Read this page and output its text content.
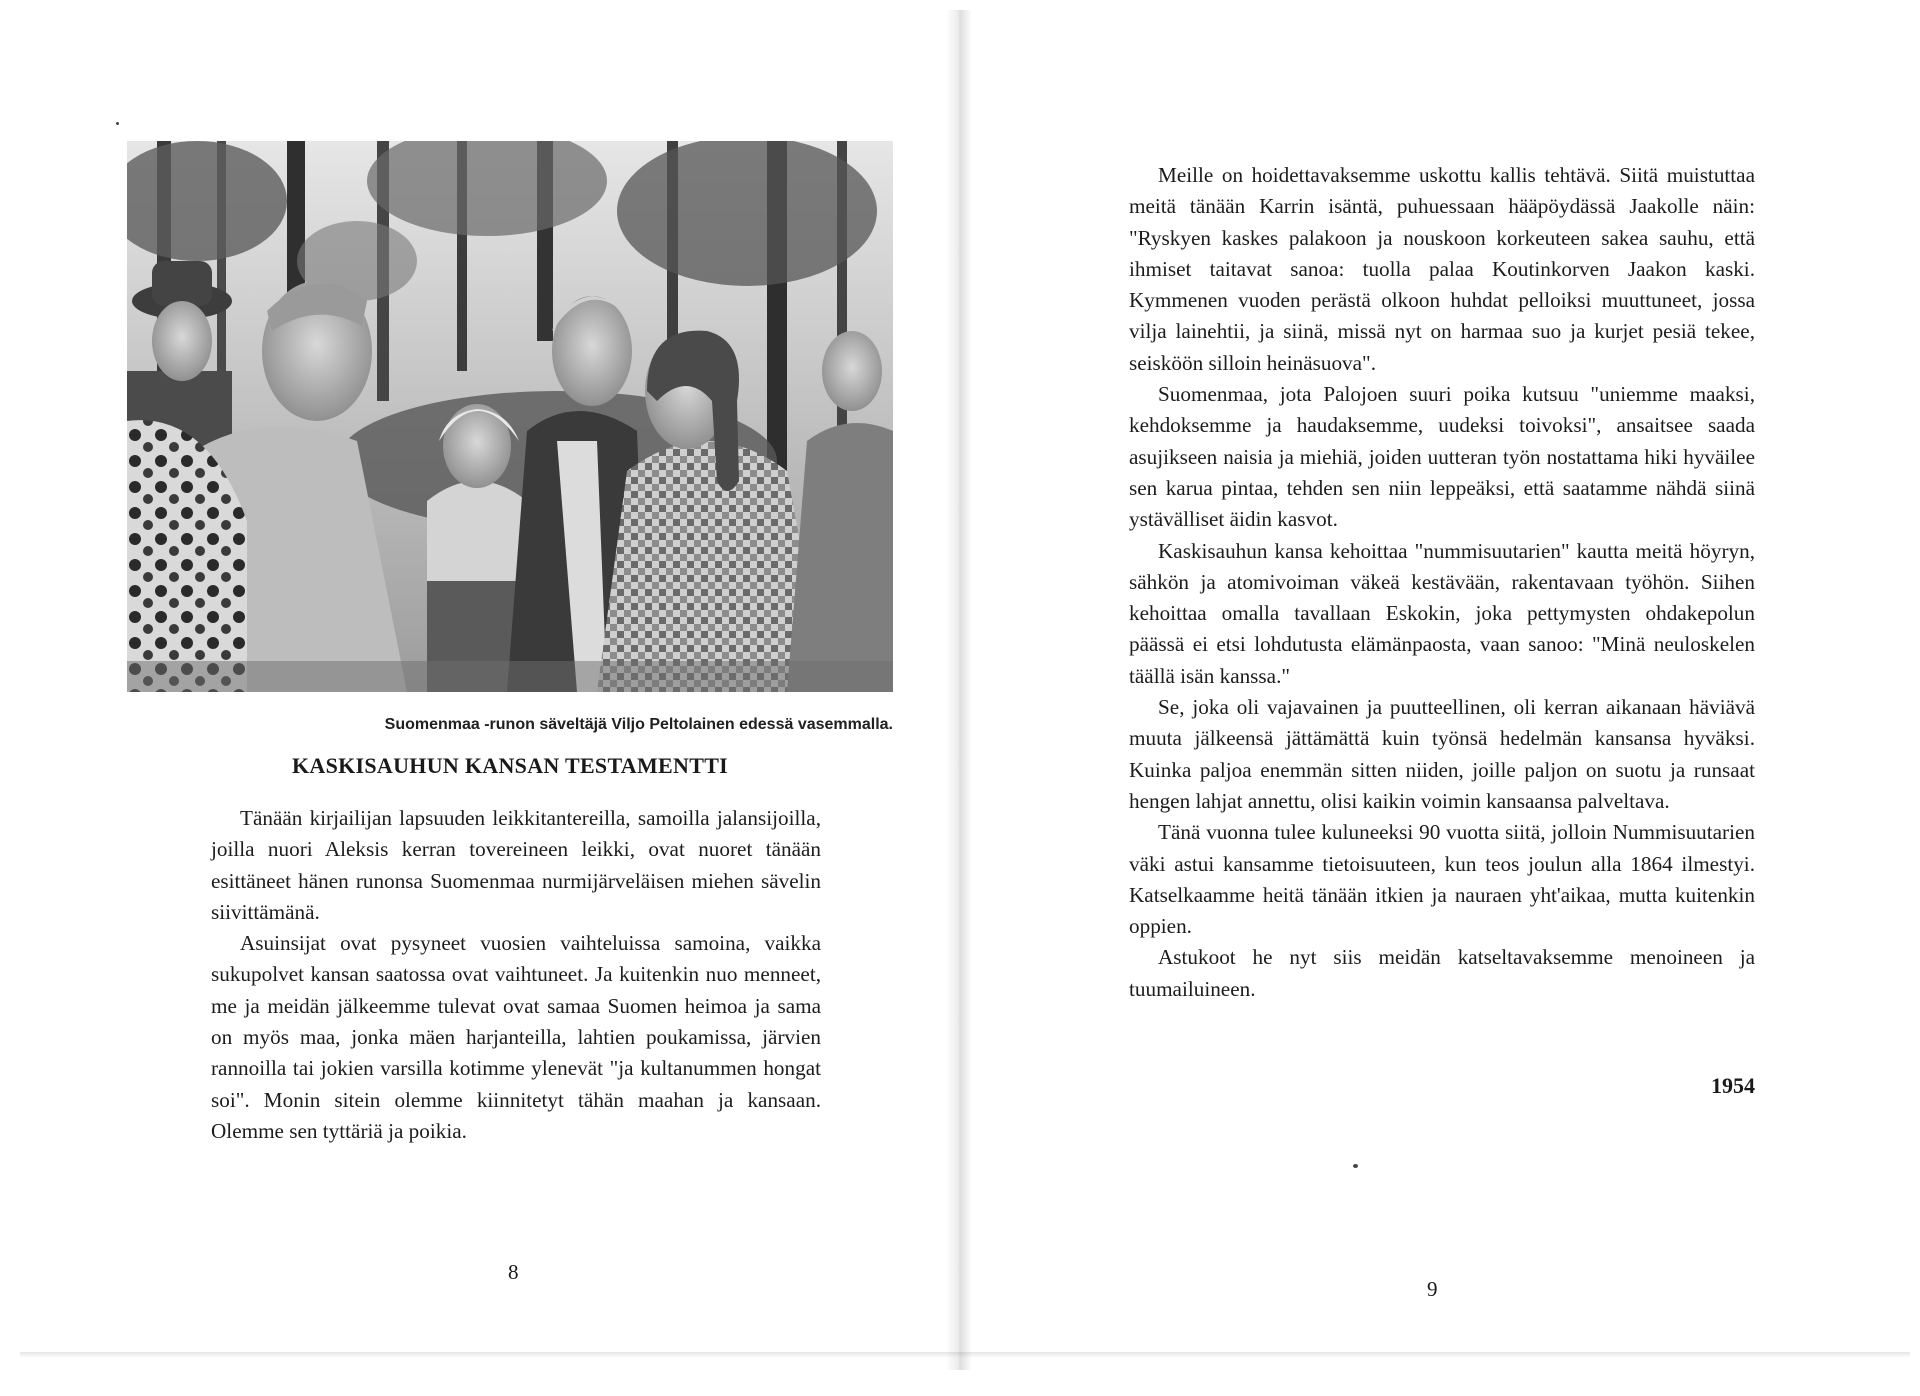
Suomenmaa -runon säveltäjä Viljo Peltolainen edessä vasemmalla.
KASKISAUHUN KANSAN TESTAMENTTI

Tänään kirjailijan lapsuuden leikkitantereilla, samoilla jalansijoilla, joilla nuori Aleksis kerran tovereineen leikki, ovat nuoret tänään esittäneet hänen runonsa Suomenmaa nurmijärveläisen miehen sävelin siivittämänä.

Asuinsijat ovat pysyneet vuosien vaihteluissa samoina, vaikka sukupolvet kansan saatossa ovat vaihtuneet. Ja kuitenkin nuo menneet, me ja meidän jälkeemme tulevat ovat samaa Suomen heimoa ja sama on myös maa, jonka mäen harjanteilla, lahtien poukamissa, järvien rannoilla tai jokien varsilla kotimme ylenevät "ja kultanummen hongat soi". Monin sitein olemme kiinnitetyt tähän maahan ja kansaan. Olemme sen tyttäriä ja poikia.

8

Meille on hoidettavaksemme uskottu kallis tehtävä. Siitä muistuttaa meitä tänään Karrin isäntä, puhuessaan hääpöydässä Jaakolle näin: "Ryskyen kaskes palakoon ja nouskoon korkeuteen sakea sauhu, että ihmiset taitavat sanoa: tuolla palaa Koutinkorven Jaakon kaski. Kymmenen vuoden perästä olkoon huhdat pelloiksi muuttuneet, jossa vilja lainehtii, ja siinä, missä nyt on harmaa suo ja kurjet pesiä tekee, seisköön silloin heinäsuova".

Suomenmaa, jota Palojoen suuri poika kutsuu "uniemme maaksi, kehdoksemme ja haudaksemme, uudeksi toivoksi", ansaitsee saada asujikseen naisia ja miehiä, joiden uutteran työn nostattama hiki hyväilee sen karua pintaa, tehden sen niin leppeäksi, että saatamme nähdä siinä ystävälliset äidin kasvot.

Kaskisauhun kansa kehoittaa "nummisuutarien" kautta meitä höyryn, sähkön ja atomivoiman väkeä kestävään, rakentavaan työhön. Siihen kehoittaa omalla tavallaan Eskokin, joka pettymysten ohdakepolun päässä ei etsi lohdutusta elämänpaostа, vaan sanoo: "Minä neuloskelen täällä isän kanssa."

Se, joka oli vajavainen ja puutteellinen, oli kerran aikanaan häviävä muuta jälkeensä jättämättä kuin työnsä hedelmän kansansa hyväksi. Kuinka paljoa enemmän sitten niiden, joille paljon on suotu ja runsaat hengen lahjat annettu, olisi kaikin voimin kansaansa palveltava.

Tänä vuonna tulee kuluneeksi 90 vuotta siitä, jolloin Nummisuutarien väki astui kansamme tietoisuuteen, kun teos joulun alla 1864 ilmestyi. Katselkaamme heitä tänään itkien ja nauraen yht'aikaa, mutta kuitenkin oppien.

Astukoot he nyt siis meidän katseltavaksemme menoineen ja tuumailuineen.

1954
9
